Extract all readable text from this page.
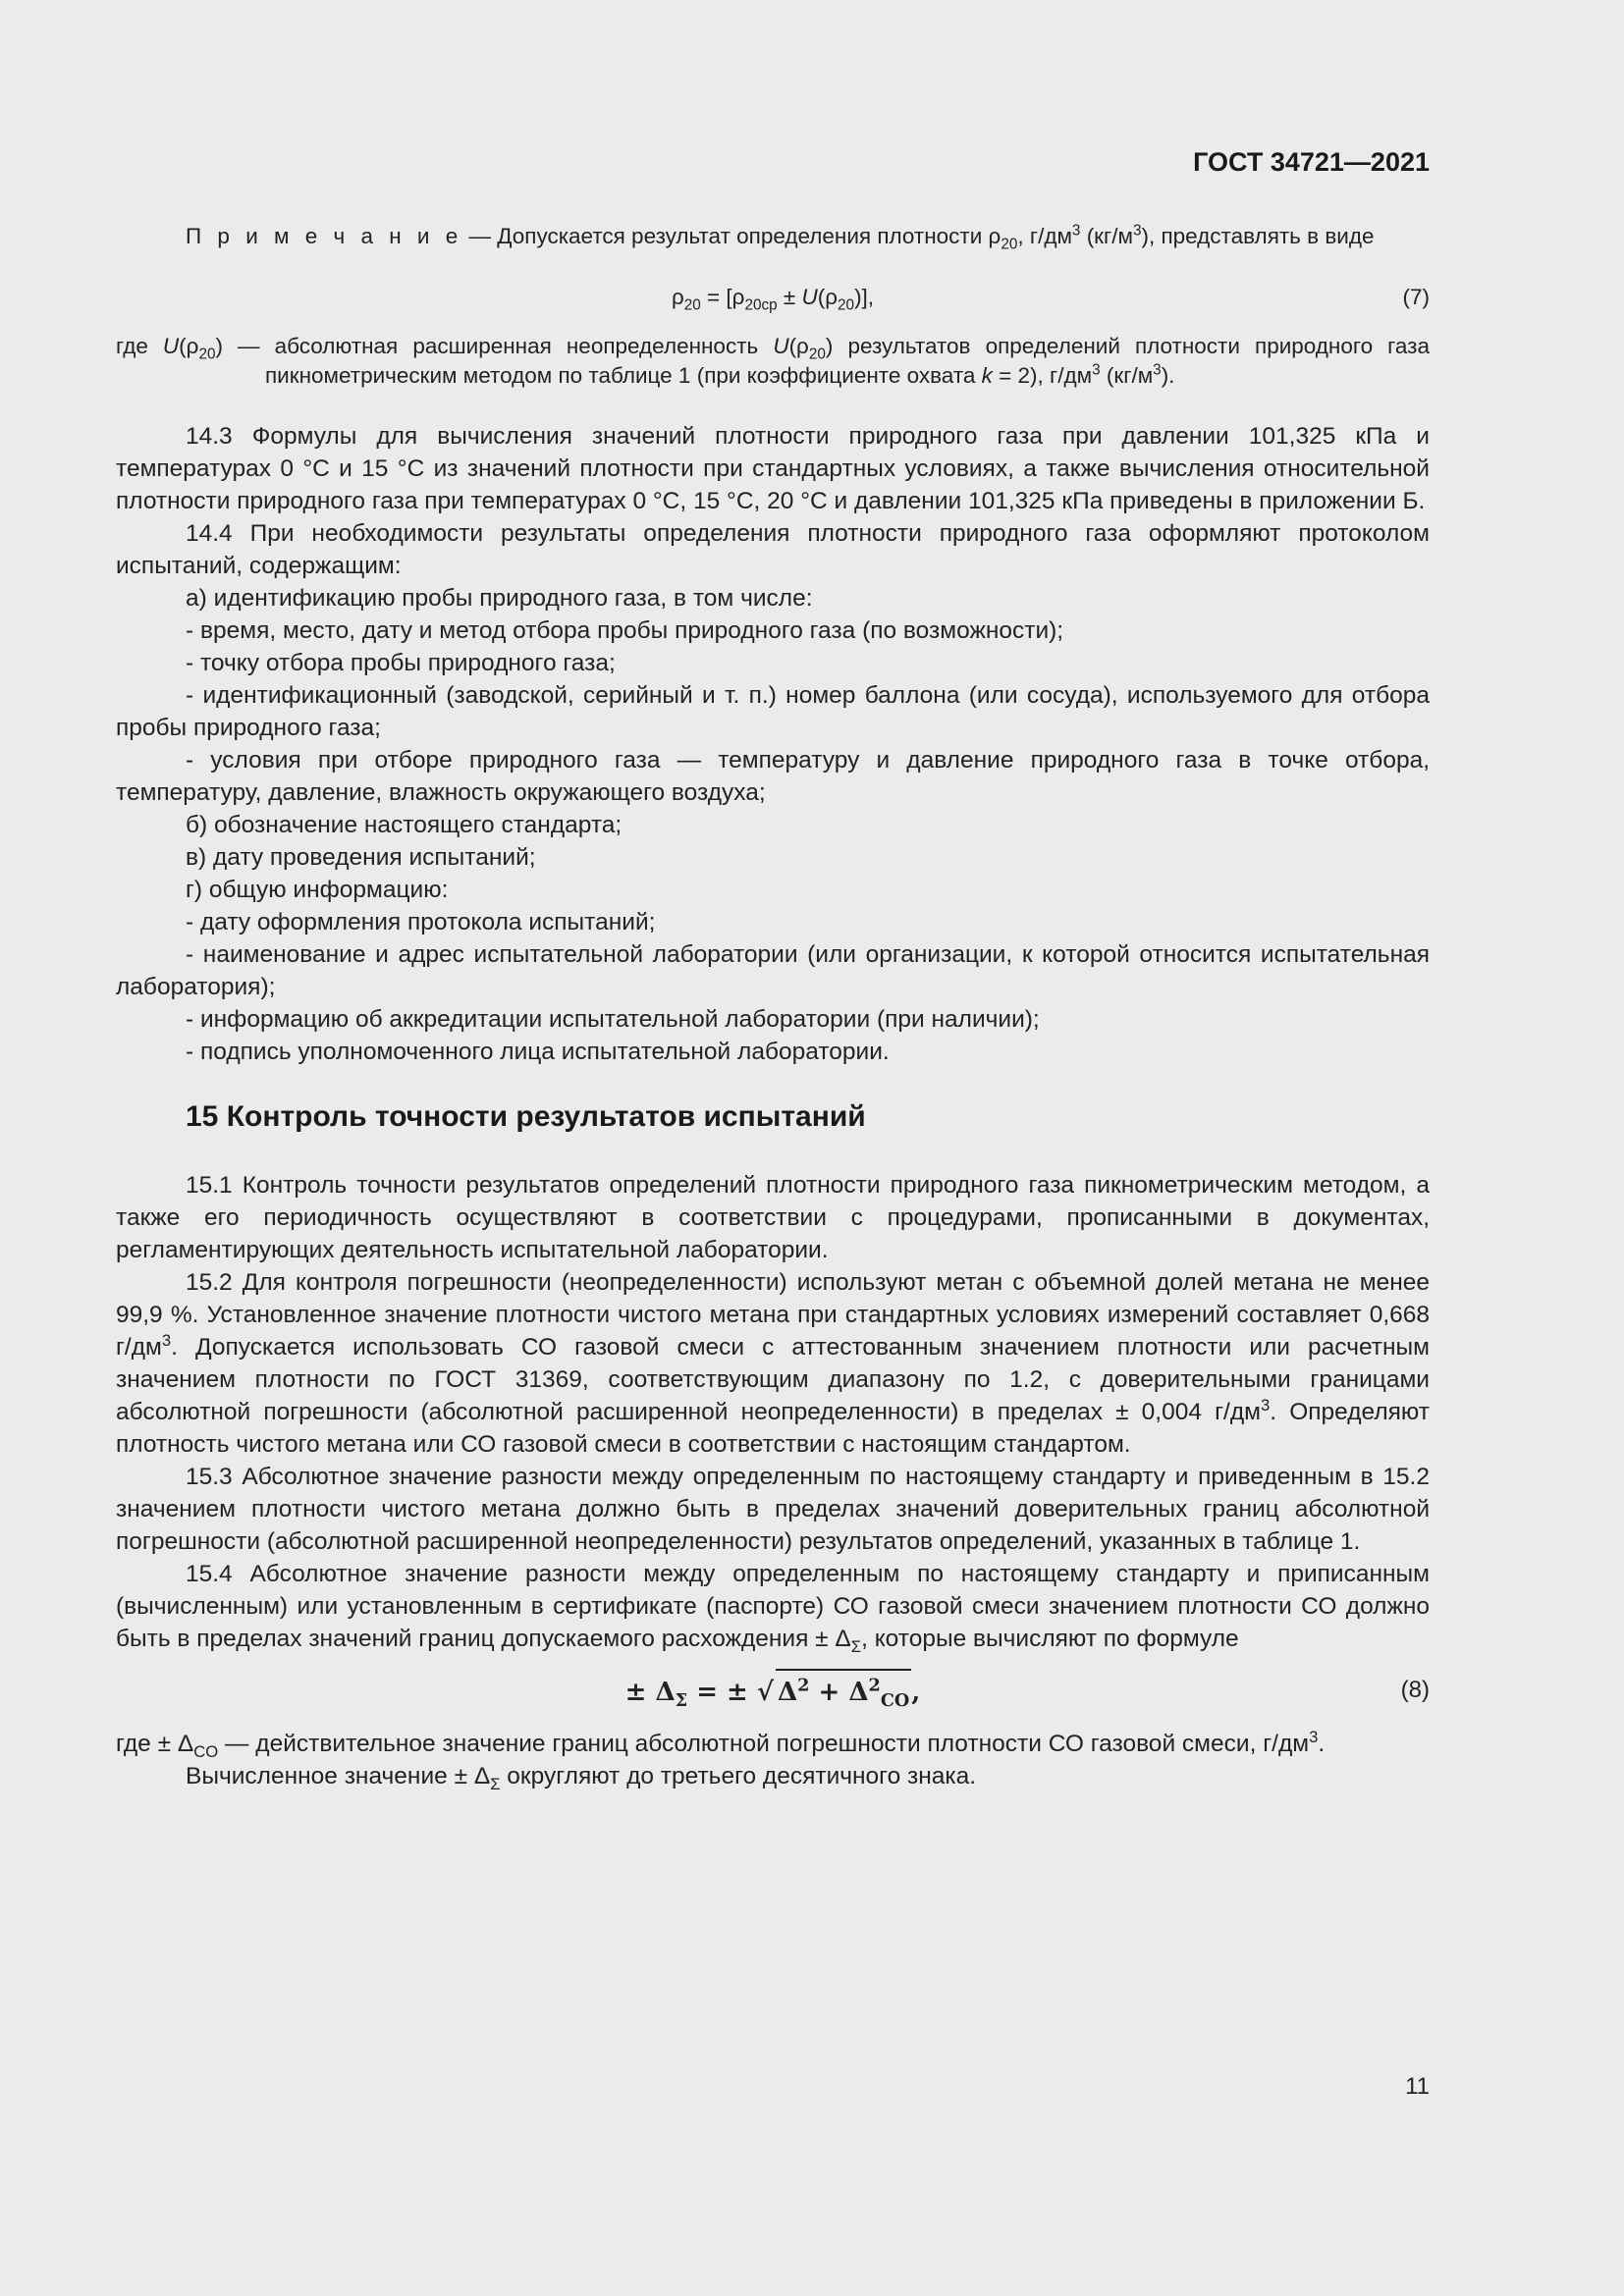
ГОСТ 34721—2021

П р и м е ч а н и е — Допускается результат определения плотности $\rho_{20}$, $г/дм^3$ $(кг/м^3)$, представлять в виде

$\rho_{20} = [\rho_{20ср} \pm U(\rho_{20})]$,	(7)

где $U(\rho_{20})$ — абсолютная расширенная неопределенность $U(\rho_{20})$ результатов определений плотности природного газа пикнометрическим методом по таблице 1 (при коэффициенте охвата k = 2), $г/дм^3$ $(кг/м^3)$.

14.3 Формулы для вычисления значений плотности природного газа при давлении 101,325 кПа и температурах 0 °С и 15 °С из значений плотности при стандартных условиях, а также вычисления относительной плотности природного газа при температурах 0 °С, 15 °С, 20 °С и давлении 101,325 кПа приведены в приложении Б.

14.4 При необходимости результаты определения плотности природного газа оформляют протоколом испытаний, содержащим:

а) идентификацию пробы природного газа, в том числе:

- время, место, дату и метод отбора пробы природного газа (по возможности);

- точку отбора пробы природного газа;

- идентификационный (заводской, серийный и т. п.) номер баллона (или сосуда), используемого для отбора пробы природного газа;

- условия при отборе природного газа — температуру и давление природного газа в точке отбора, температуру, давление, влажность окружающего воздуха;

б) обозначение настоящего стандарта;

в) дату проведения испытаний;

г) общую информацию:

- дату оформления протокола испытаний;

- наименование и адрес испытательной лаборатории (или организации, к которой относится испытательная лаборатория);

- информацию об аккредитации испытательной лаборатории (при наличии);

- подпись уполномоченного лица испытательной лаборатории.

15 Контроль точности результатов испытаний

15.1 Контроль точности результатов определений плотности природного газа пикнометрическим методом, а также его периодичность осуществляют в соответствии с процедурами, прописанными в документах, регламентирующих деятельность испытательной лаборатории.

15.2 Для контроля погрешности (неопределенности) используют метан с объемной долей метана не менее 99,9 %. Установленное значение плотности чистого метана при стандартных условиях измерений составляет 0,668 $г/дм^3$. Допускается использовать СО газовой смеси с аттестованным значением плотности или расчетным значением плотности по ГОСТ 31369, соответствующим диапазону по 1.2, с доверительными границами абсолютной погрешности (абсолютной расширенной неопределенности) в пределах ± 0,004 $г/дм^3$. Определяют плотность чистого метана или СО газовой смеси в соответствии с настоящим стандартом.

15.3 Абсолютное значение разности между определенным по настоящему стандарту и приведенным в 15.2 значением плотности чистого метана должно быть в пределах значений доверительных границ абсолютной погрешности (абсолютной расширенной неопределенности) результатов определений, указанных в таблице 1.

15.4 Абсолютное значение разности между определенным по настоящему стандарту и приписанным (вычисленным) или установленным в сертификате (паспорте) СО газовой смеси значением плотности СО должно быть в пределах значений границ допускаемого расхождения ± $\Delta_\Sigma$, которые вычисляют по формуле

± $\Delta_\Sigma$ = ± √ $\Delta^2 + \Delta^2_{CO}$,	(8)

где ± $\Delta_{CO}$ — действительное значение границ абсолютной погрешности плотности СО газовой смеси, $г/дм^3$.

Вычисленное значение ± $\Delta_\Sigma$ округляют до третьего десятичного знака.

11
